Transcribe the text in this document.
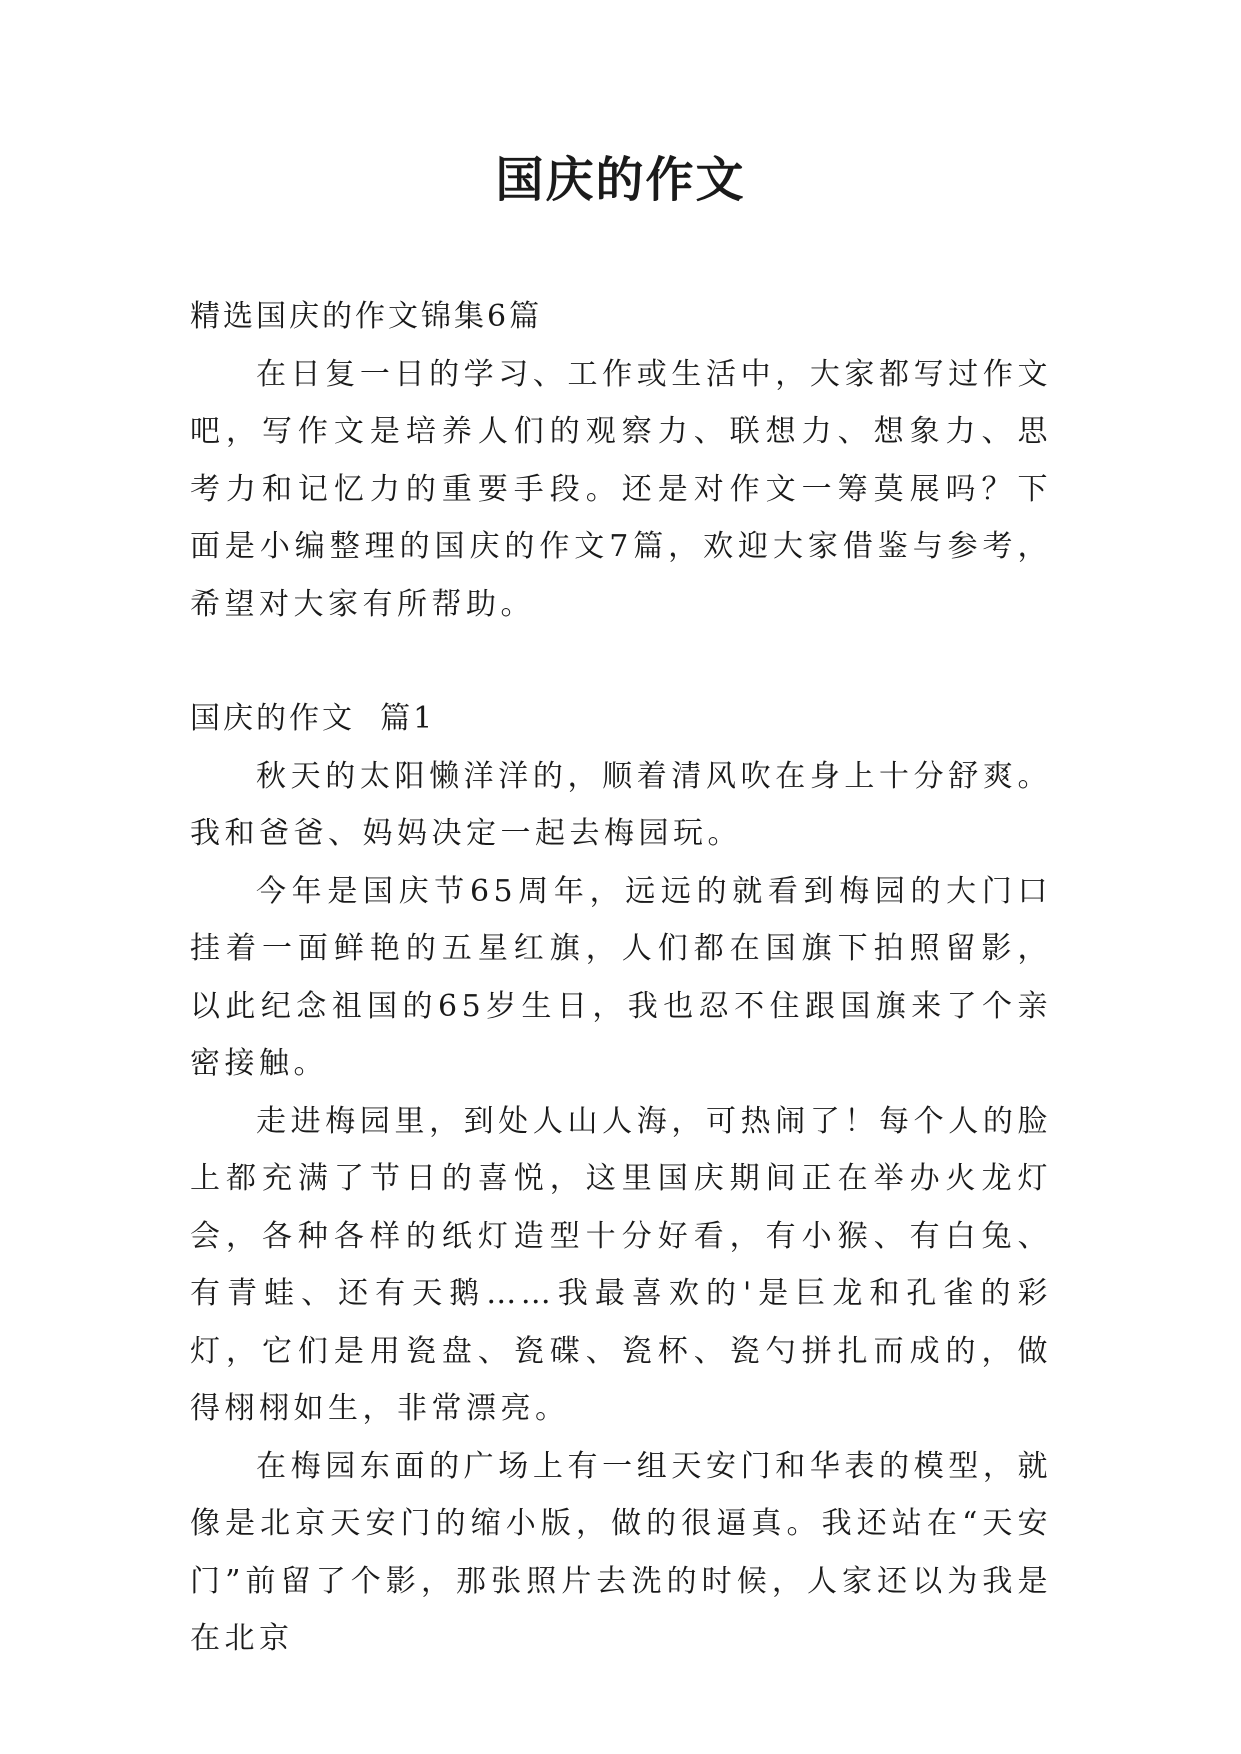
国庆的作文

精选国庆的作文锦集6篇

在日复一日的学习、工作或生活中，大家都写过作文吧，写作文是培养人们的观察力、联想力、想象力、思考力和记忆力的重要手段。还是对作文一筹莫展吗？下面是小编整理的国庆的作文7篇，欢迎大家借鉴与参考，希望对大家有所帮助。

国庆的作文  篇1

秋天的太阳懒洋洋的，顺着清风吹在身上十分舒爽。我和爸爸、妈妈决定一起去梅园玩。

今年是国庆节65周年，远远的就看到梅园的大门口挂着一面鲜艳的五星红旗，人们都在国旗下拍照留影，以此纪念祖国的65岁生日，我也忍不住跟国旗来了个亲密接触。

走进梅园里，到处人山人海，可热闹了！每个人的脸上都充满了节日的喜悦，这里国庆期间正在举办火龙灯会，各种各样的纸灯造型十分好看，有小猴、有白兔、有青蛙、还有天鹅……我最喜欢的'是巨龙和孔雀的彩灯，它们是用瓷盘、瓷碟、瓷杯、瓷勺拼扎而成的，做得栩栩如生，非常漂亮。

在梅园东面的广场上有一组天安门和华表的模型，就像是北京天安门的缩小版，做的很逼真。我还站在“天安门”前留了个影，那张照片去洗的时候，人家还以为我是在北京
